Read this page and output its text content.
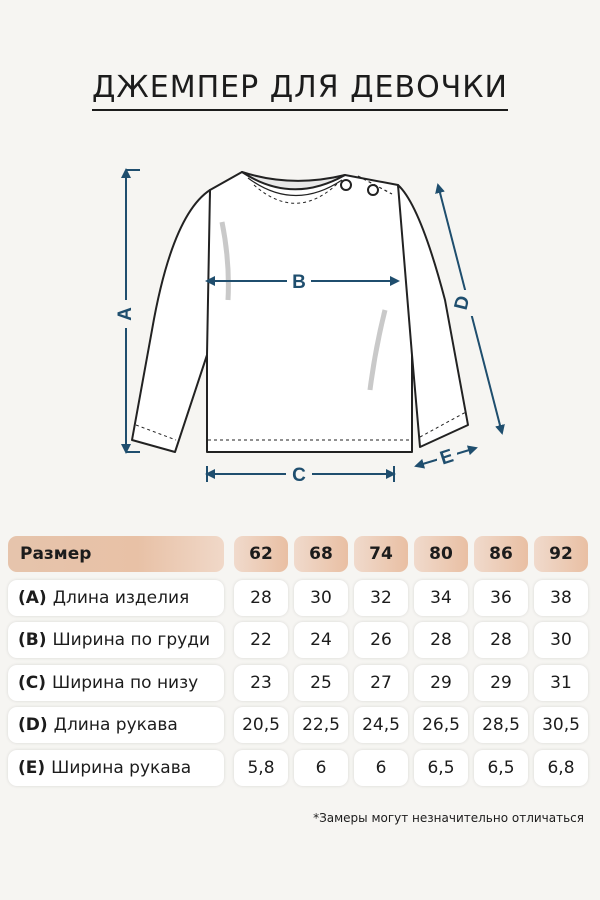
ДЖЕМПЕР ДЛЯ ДЕВОЧКИ
A
B
C
D
E
Размер	62	68	74	80	86	92
(A) Длина изделия	28	30	32	34	36	38
(B) Ширина по груди	22	24	26	28	28	30
(C) Ширина по низу	23	25	27	29	29	31
(D) Длина рукава	20,5	22,5	24,5	26,5	28,5	30,5
(E) Ширина рукава	5,8	6	6	6,5	6,5	6,8
*Замеры могут незначительно отличаться
